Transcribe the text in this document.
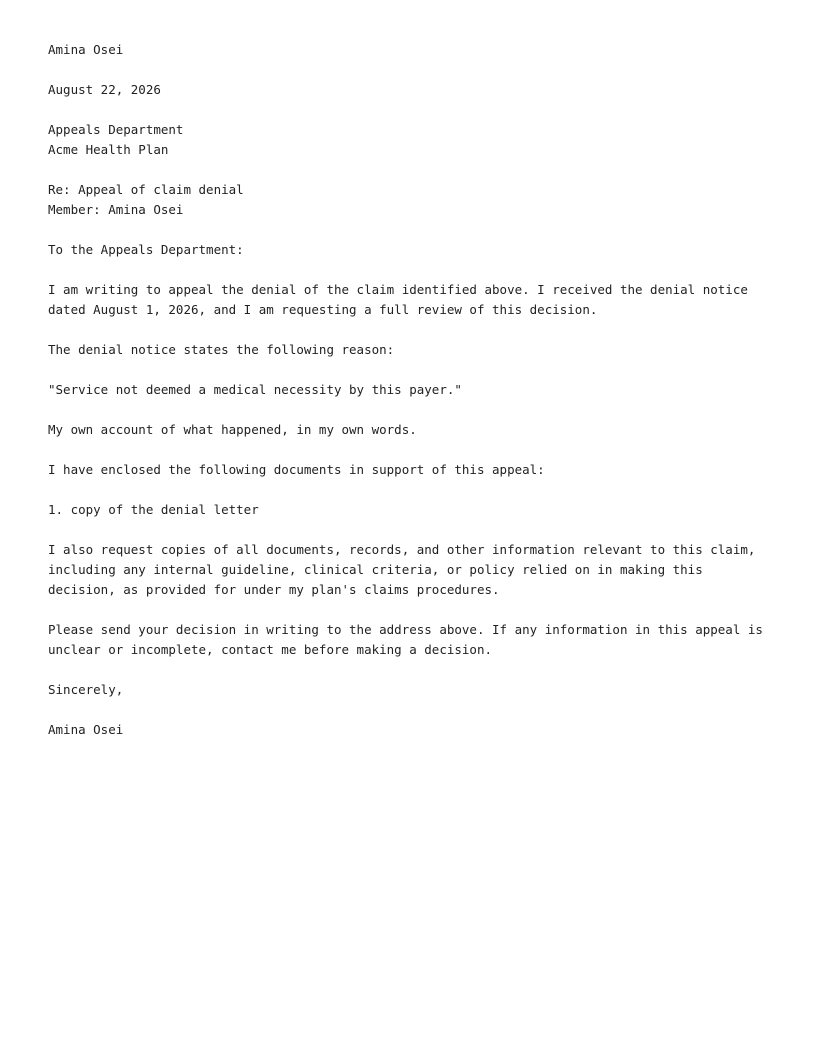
Amina Osei
August 22, 2026
Appeals Department
Acme Health Plan
Re: Appeal of claim denial
Member: Amina Osei
To the Appeals Department:
I am writing to appeal the denial of the claim identified above. I received the denial notice
dated August 1, 2026, and I am requesting a full review of this decision.
The denial notice states the following reason:
"Service not deemed a medical necessity by this payer."
My own account of what happened, in my own words.
I have enclosed the following documents in support of this appeal:
1. copy of the denial letter
I also request copies of all documents, records, and other information relevant to this claim,
including any internal guideline, clinical criteria, or policy relied on in making this
decision, as provided for under my plan's claims procedures.
Please send your decision in writing to the address above. If any information in this appeal is
unclear or incomplete, contact me before making a decision.
Sincerely,
Amina Osei
